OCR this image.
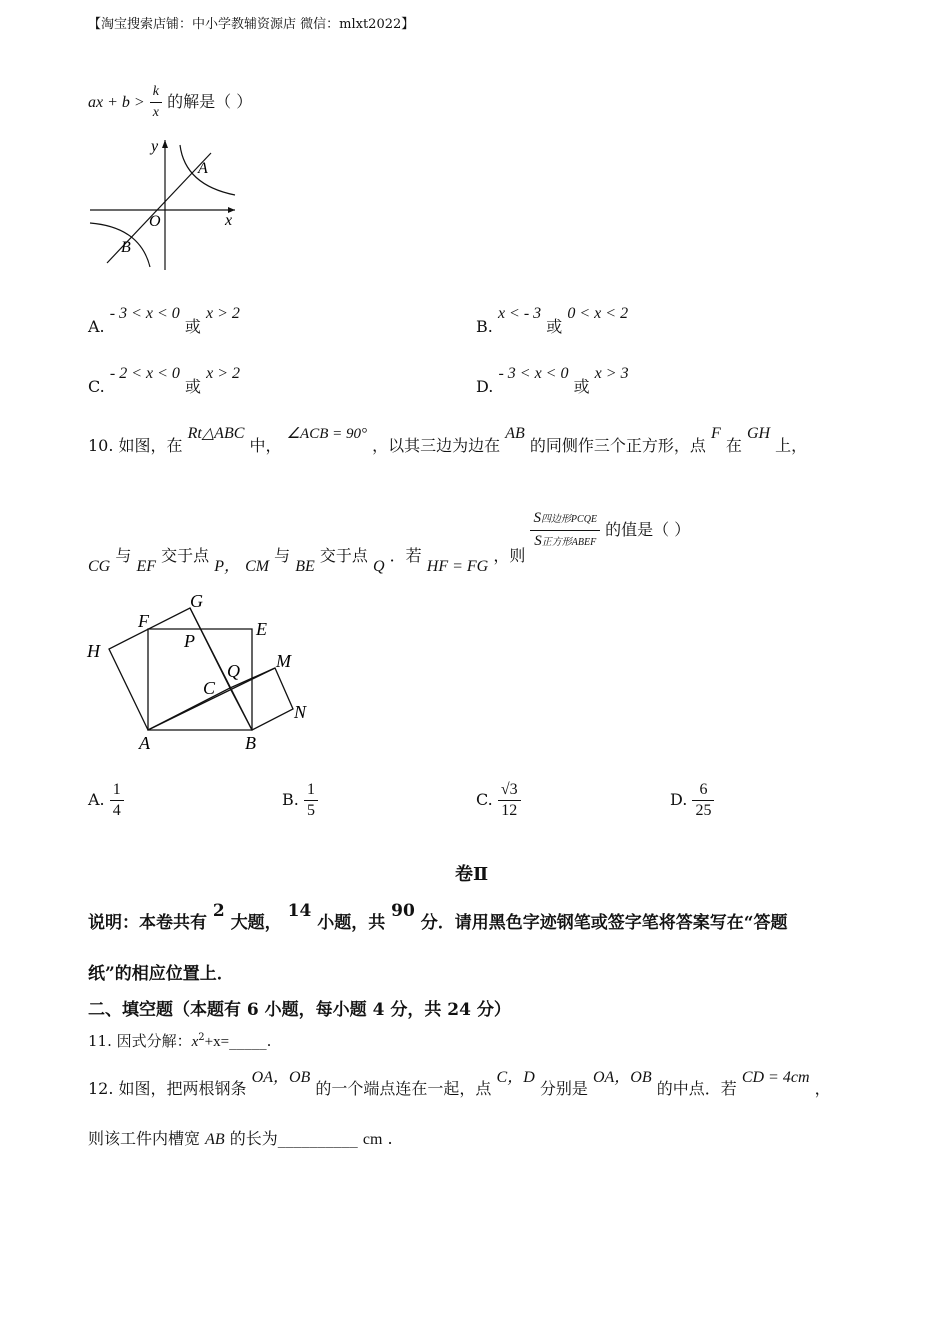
【淘宝搜索店铺：中小学教辅资源店 微信：mlxt2022】
ax + $b > \frac{k}{x}$ 的解是（ ）
y
x
O
A
B
A. - 3 < x < 0 或 x > 2
B. x < - 3 或 0 < x < 2
C. - 2 < x < 0 或 x > 2
D. - 3 < x < 0 或 x > 3
10. 如图，在 Rt△ABC 中， ∠ACB = 90° ，以其三边为边在 AB 的同侧作三个正方形，点 F 在 GH 上，
CG 与 EF 交于点 P， CM 与 BE 交于点 Q ．若 HF = FG ，则
$\frac{\text{S四边形PCQE}}{\text{S正方形ABEF}}$ 的值是（ ）
G
F	E
H	P
Q M
C
N
A	B
A. $\frac{1}{4}$	B. $\frac{1}{5}$	C. $\frac{√3}{12}$	D. $\frac{6}{25}$
卷Ⅱ
说明：本卷共有 2 大题， 14 小题，共 90 分．请用黑色字迹钢笔或签字笔将答案写在“答题
纸”的相应位置上．
二、填空题（本题有 6 小题，每小题 4 分，共 24 分）
11. 因式分解：$x^2+x=\_\_\_\_\_$.
12. 如图，把两根钢条 OA，OB 的一个端点连在一起，点 C，D 分别是 OA，OB 的中点．若 CD = 4cm ，
则该工件内槽宽 AB 的长为__________ cm .
